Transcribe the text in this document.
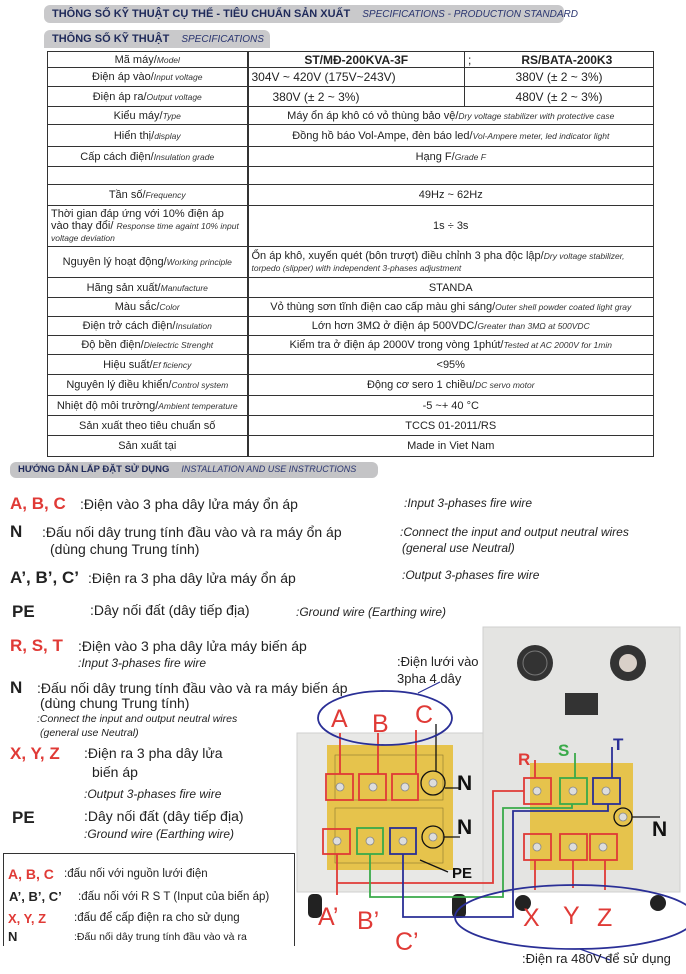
THÔNG SỐ KỸ THUẬT CỤ THỂ - TIÊU CHUẨN SẢN XUẤT SPECIFICATIONS - PRODUCTION STANDARD
THÔNG SỐ KỸ THUẬT SPECIFICATIONS
Mã máy/Model	ST/MĐ-200KVA-3F	; RS/BATA-200K3
Điện áp vào/Input voltage	304V ~ 420V (175V~243V)	380V (± 2 ~ 3%)
Điện áp ra/Output voltage	380V (± 2 ~ 3%)	480V (± 2 ~ 3%)
Kiểu máy/Type	Máy ổn áp khô có vỏ thùng bảo vệ/Dry voltage stabilizer with protective case	
Hiển thị/display	Đồng hồ báo Vol-Ampe, đèn báo led/Vol-Ampere meter, led indicator light	
Cấp cách điện/Insulation grade	Hạng F/Grade F	

Tần số/Frequency	49Hz ~ 62Hz	
Thời gian đáp ứng với 10% điện áp vào thay đổi/ Response time againt 10% input voltage deviation	1s ÷ 3s	
Nguyên lý hoạt động/Working principle	Ổn áp khô, xuyến quét (bôn trượt) điều chỉnh 3 pha độc lập/Dry voltage stabilizer, torpedo (slipper) with independent 3-phases adjustment	
Hãng sản xuất/Manufacture	STANDA	
Màu sắc/Color	Vỏ thùng sơn tĩnh điện cao cấp màu ghi sáng/Outer shell powder coated light gray	
Điện trở cách điện/Insulation	Lớn hơn 3MΩ ở điện áp 500VDC/Greater than 3MΩ at 500VDC	
Độ bền điện/Dielectric Strenght	Kiểm tra ở điện áp 2000V trong vòng 1phút/Tested at AC 2000V for 1min	
Hiệu suất/Ef ficiency	<95%	
Nguyên lý điều khiển/Control system	Động cơ sero 1 chiều/DC servo motor	
Nhiệt độ môi trường/Ambient temperature	-5 ~+ 40 °C	
Sản xuất theo tiêu chuẩn số	TCCS 01-2011/RS	
Sản xuất tại	Made in Viet Nam	
HƯỚNG DẪN LẮP ĐẶT SỬ DỤNG INSTALLATION AND USE INSTRUCTIONS
A, B, C :Điện vào 3 pha dây lửa máy ổn áp	:Input 3-phases fire wire
N :Đấu nối dây trung tính đầu vào và ra máy ổn áp
(dùng chung Trung tính)
:Connect the input and output neutral wires
(general use Neutral)
A’, B’, C’ :Điện ra 3 pha dây lửa máy ổn áp	:Output 3-phases fire wire
PE	:Dây nối đất (dây tiếp địa)	:Ground wire (Earthing wire)
R, S, T :Điện vào 3 pha dây lửa máy biến áp
:Input 3-phases fire wire
N :Đấu nối dây trung tính đầu vào và ra máy biến áp
(dùng chung Trung tính)
:Connect the input and output neutral wires
(general use Neutral)
X, Y, Z :Điện ra 3 pha dây lửa
biến áp
:Output 3-phases fire wire
PE	:Dây nối đất (dây tiếp địa)
:Ground wire (Earthing wire)
A, B, C :đấu nối với nguồn lưới điện
A’, B’, C’ :đấu nối với R S T (Input của biến áp)
X, Y, Z :đấu để cấp điện ra cho sử dụng
N	:Đấu nối dây trung tính đầu vào và ra
:Điện lưới vào
3pha 4 dây
:Điện ra 480V để sử dụng
A B C
A’ B’
C’
X Y Z
N
N	N
PE
R S	T
